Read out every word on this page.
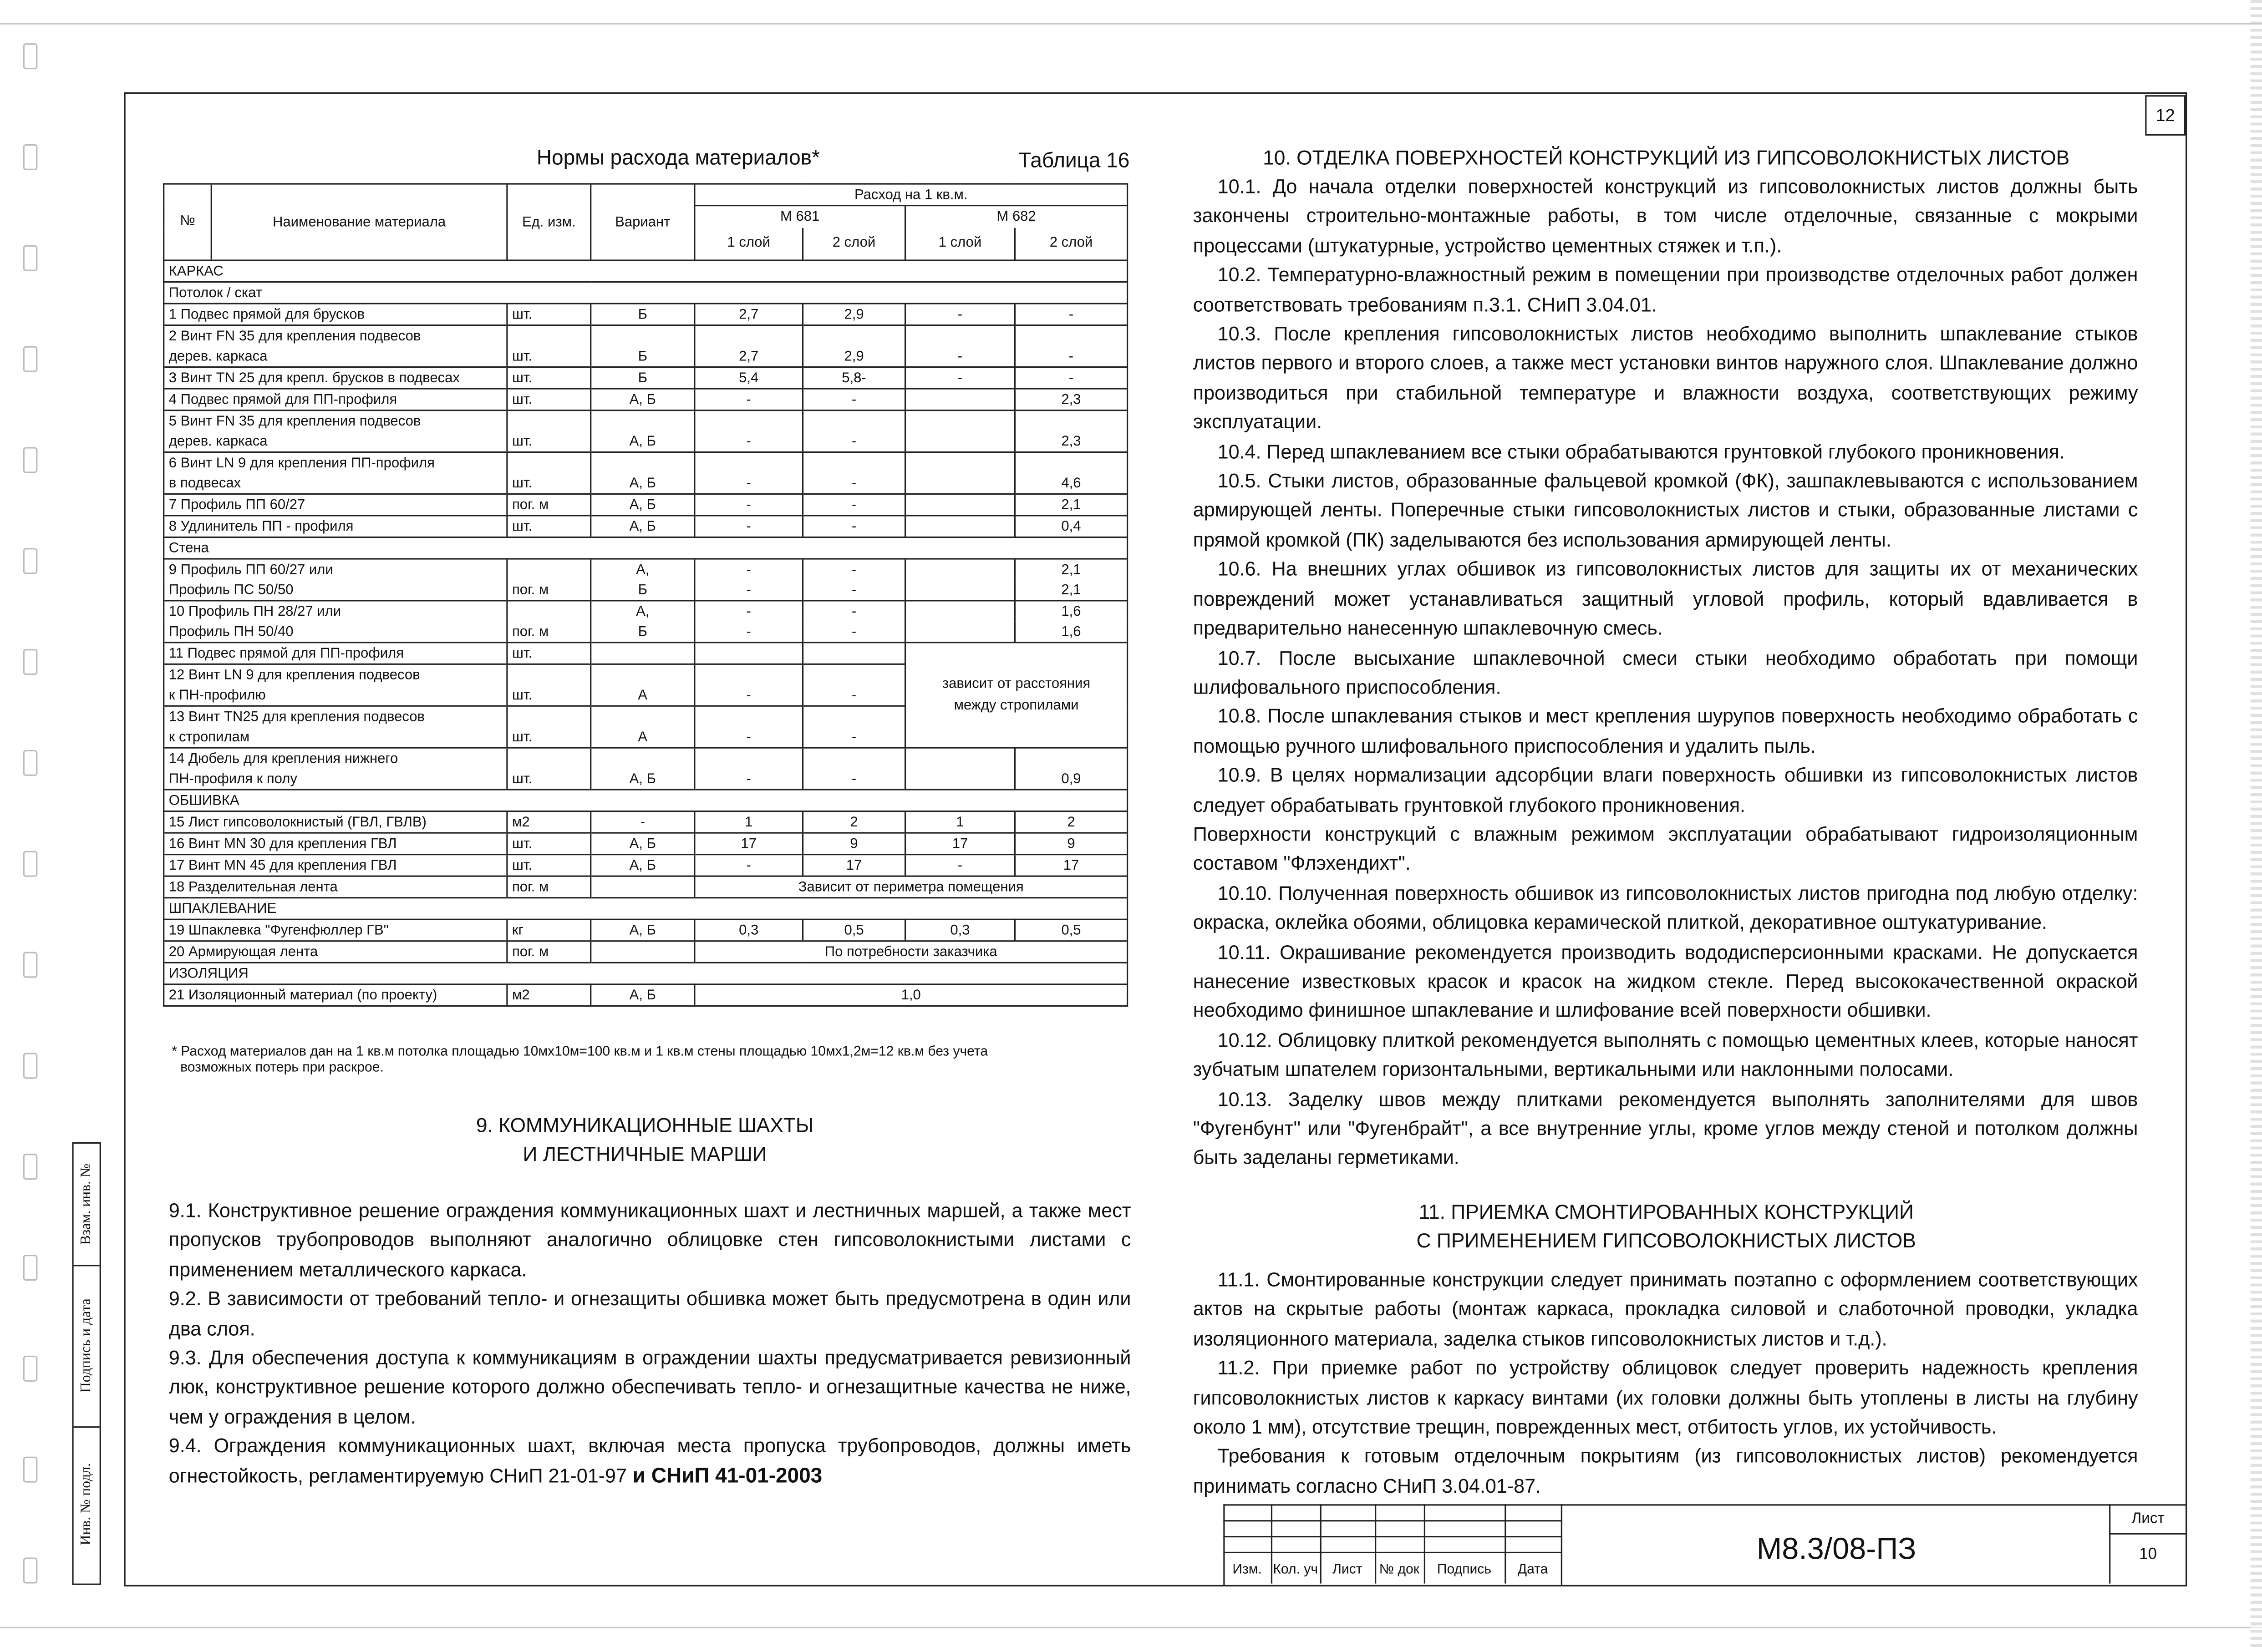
12
Взам. инв. №
Подпись и дата
Инв. № подл.
Нормы расхода материалов*	Таблица 16
№ Наименование материала	Ед. изм.	Вариант	Расход на 1 кв.м.			
			М 681		М 682	
			1 слой	2 слой	1 слой	2 слой
КАРКАС						
Потолок / скат						
1 Подвес прямой для брусков	шт.	Б	2,7	2,9	-	-
2 Винт FN 35 для крепления подвесов						
дерев. каркаса	шт.	Б	2,7	2,9	-	-
3 Винт TN 25 для крепл. брусков в подвесах	шт.	Б	5,4	5,8-	-	-
4 Подвес прямой для ПП-профиля	шт.	А, Б	-	-		2,3
5 Винт FN 35 для крепления подвесов						
дерев. каркаса	шт.	А, Б	-	-		2,3
6 Винт LN 9 для крепления ПП-профиля						
в подвесах	шт.	А, Б	-	-		4,6
7 Профиль ПП 60/27	пог. м	А, Б	-	-		2,1
8 Удлинитель ПП - профиля	шт.	А, Б	-	-		0,4
Стена						
9 Профиль ПП 60/27 или		А,	-	-		2,1
Профиль ПС 50/50	пог. м	Б	-	-		2,1
10 Профиль ПН 28/27 или		А,	-	-		1,6
Профиль ПН 50/40	пог. м	Б	-	-		1,6
11 Подвес прямой для ПП-профиля	шт.				зависит от расстояния между стропилами	
12 Винт LN 9 для крепления подвесов						
к ПН-профилю	шт.	А	-	-		
13 Винт TN25 для крепления подвесов						
к стропилам	шт.	А	-	-		
14 Дюбель для крепления нижнего						
ПН-профиля к полу	шт.	А, Б	-	-		0,9
ОБШИВКА						
15 Лист гипсоволокнистый (ГВЛ, ГВЛВ)	м2	-	1	2	1	2
16 Винт MN 30 для крепления ГВЛ	шт.	А, Б	17	9	17	9
17 Винт MN 45 для крепления ГВЛ	шт.	А, Б	-	17	-	17
18 Разделительная лента	пог. м		Зависит от периметра помещения			
ШПАКЛЕВАНИЕ						
19 Шпаклевка "Фугенфюллер ГВ"	кг	А, Б	0,3	0,5	0,3	0,5
20 Армирующая лента	пог. м		По потребности заказчика			
ИЗОЛЯЦИЯ						
21 Изоляционный материал (по проекту)	м2	А, Б	1,0			
* Расход материалов дан на 1 кв.м потолка площадью 10мх10м=100 кв.м и 1 кв.м стены площадью 10мх1,2м=12 кв.м без учета
возможных потерь при раскрое.
9. КОММУНИКАЦИОННЫЕ ШАХТЫ
И ЛЕСТНИЧНЫЕ МАРШИ
9.1. Конструктивное решение ограждения коммуникационных шахт и лестничных маршей, а также мест пропусков трубопроводов выполняют аналогично облицовке стен гипсоволокнистыми листами с применением металлического каркаса.
9.2. В зависимости от требований тепло- и огнезащиты обшивка может быть предусмотрена в один или два слоя.
9.3. Для обеспечения доступа к коммуникациям в ограждении шахты предусматривается ревизионный люк, конструктивное решение которого должно обеспечивать тепло- и огнезащитные качества не ниже, чем у ограждения в целом.
9.4. Ограждения коммуникационных шахт, включая места пропуска трубопроводов, должны иметь огнестойкость, регламентируемую СНиП 21-01-97 и СНиП 41-01-2003
10. ОТДЕЛКА ПОВЕРХНОСТЕЙ КОНСТРУКЦИЙ ИЗ ГИПСОВОЛОКНИСТЫХ ЛИСТОВ
10.1. До начала отделки поверхностей конструкций из гипсоволокнистых листов должны быть закончены строительно-монтажные работы, в том числе отделочные, связанные с мокрыми процессами (штукатурные, устройство цементных стяжек и т.п.).
10.2. Температурно-влажностный режим в помещении при производстве отделочных работ должен соответствовать требованиям п.3.1. СНиП 3.04.01.
10.3. После крепления гипсоволокнистых листов необходимо выполнить шпаклевание стыков листов первого и второго слоев, а также мест установки винтов наружного слоя. Шпаклевание должно производиться при стабильной температуре и влажности воздуха, соответствующих режиму эксплуатации.
10.4. Перед шпаклеванием все стыки обрабатываются грунтовкой глубокого проникновения.
10.5. Стыки листов, образованные фальцевой кромкой (ФК), зашпаклевываются с использованием армирующей ленты. Поперечные стыки гипсоволокнистых листов и стыки, образованные листами с прямой кромкой (ПК) заделываются без использования армирующей ленты.
10.6. На внешних углах обшивок из гипсоволокнистых листов для защиты их от механических повреждений может устанавливаться защитный угловой профиль, который вдавливается в предварительно нанесенную шпаклевочную смесь.
10.7. После высыхание шпаклевочной смеси стыки необходимо обработать при помощи шлифовального приспособления.
10.8. После шпаклевания стыков и мест крепления шурупов поверхность необходимо обработать с помощью ручного шлифовального приспособления и удалить пыль.
10.9. В целях нормализации адсорбции влаги поверхность обшивки из гипсоволокнистых листов следует обрабатывать грунтовкой глубокого проникновения.
Поверхности конструкций с влажным режимом эксплуатации обрабатывают гидроизоляционным составом "Флэхендихт".
10.10. Полученная поверхность обшивок из гипсоволокнистых листов пригодна под любую отделку: окраска, оклейка обоями, облицовка керамической плиткой, декоративное оштукатуривание.
10.11. Окрашивание рекомендуется производить вододисперсионными красками. Не допускается нанесение известковых красок и красок на жидком стекле. Перед высококачественной окраской необходимо финишное шпаклевание и шлифование всей поверхности обшивки.
10.12. Облицовку плиткой рекомендуется выполнять с помощью цементных клеев, которые наносят зубчатым шпателем горизонтальными, вертикальными или наклонными полосами.
10.13. Заделку швов между плитками рекомендуется выполнять заполнителями для швов "Фугенбунт" или "Фугенбрайт", а все внутренние углы, кроме углов между стеной и потолком должны быть заделаны герметиками.
11. ПРИЕМКА СМОНТИРОВАННЫХ КОНСТРУКЦИЙ
С ПРИМЕНЕНИЕМ ГИПСОВОЛОКНИСТЫХ ЛИСТОВ
11.1. Смонтированные конструкции следует принимать поэтапно с оформлением соответствующих актов на скрытые работы (монтаж каркаса, прокладка силовой и слаботочной проводки, укладка изоляционного материала, заделка стыков гипсоволокнистых листов и т.д.).
11.2. При приемке работ по устройству облицовок следует проверить надежность крепления гипсоволокнистых листов к каркасу винтами (их головки должны быть утоплены в листы на глубину около 1 мм), отсутствие трещин, поврежденных мест, отбитость углов, их устойчивость.
Требования к готовым отделочным покрытиям (из гипсоволокнистых листов) рекомендуется принимать согласно СНиП 3.04.01-87.
Изм.	Кол. уч	Лист	№ док	Подпись	Дата
М8.3/08-ПЗ
Лист
10
